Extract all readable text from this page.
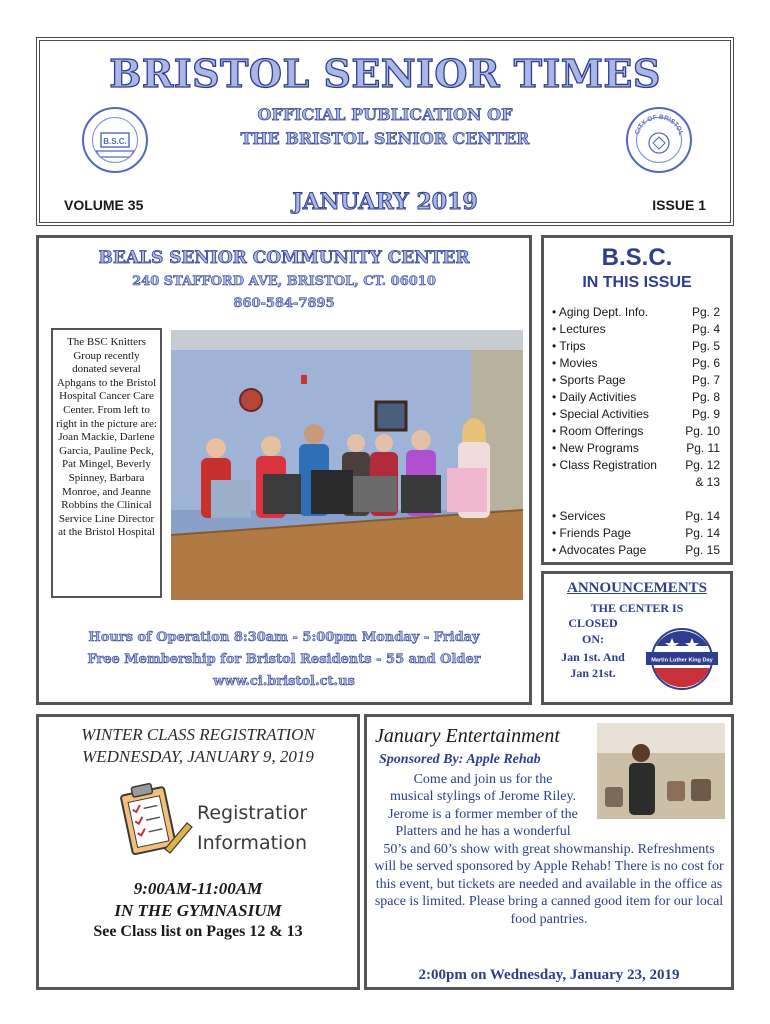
BRISTOL SENIOR TIMES
OFFICIAL PUBLICATION OF
THE BRISTOL SENIOR CENTER
B.S.C.
CITY OF BRISTOL
VOLUME 35	JANUARY 2019	ISSUE 1
BEALS SENIOR COMMUNITY CENTER
240 STAFFORD AVE, BRISTOL, CT. 06010
860-584-7895
The BSC Knitters Group recently donated several Aphgans to the Bristol Hospital Cancer Care Center. From left to right in the picture are: Joan Mackie, Darlene Garcia, Pauline Peck, Pat Mingel, Beverly Spinney, Barbara Monroe, and Jeanne Robbins the Clinical Service Line Director at the Bristol Hospital
Hours of Operation 8:30am - 5:00pm Monday - Friday
Free Membership for Bristol Residents - 55 and Older
www.ci.bristol.ct.us
B.S.C.
IN THIS ISSUE
• Aging Dept. Info.	Pg. 2
• Lectures	Pg. 4
• Trips	Pg. 5
• Movies	Pg. 6
• Sports Page	Pg. 7
• Daily Activities	Pg. 8
• Special Activities	Pg. 9
• Room Offerings	Pg. 10
• New Programs	Pg. 11
• Class Registration Pg. 12
& 13
• Services	Pg. 14
• Friends Page	Pg. 14
• Advocates Page	Pg. 15
ANNOUNCEMENTS
THE CENTER IS
CLOSED
ON:
Jan 1st. And
Jan 21st.
Martin Luther King Day
WINTER CLASS REGISTRATION
WEDNESDAY, JANUARY 9, 2019
Registration
Information
9:00AM-11:00AM
IN THE GYMNASIUM
See Class list on Pages 12 & 13
January Entertainment
Sponsored By: Apple Rehab
Come and join us for the
musical stylings of Jerome Riley.
Jerome is a former member of the
Platters and he has a wonderful
50’s and 60’s show with great showmanship. Refreshments will be served sponsored by Apple Rehab! There is no cost for this event, but tickets are needed and available in the office as space is limited. Please bring a canned good item for our local food pantries.
2:00pm on Wednesday, January 23, 2019
